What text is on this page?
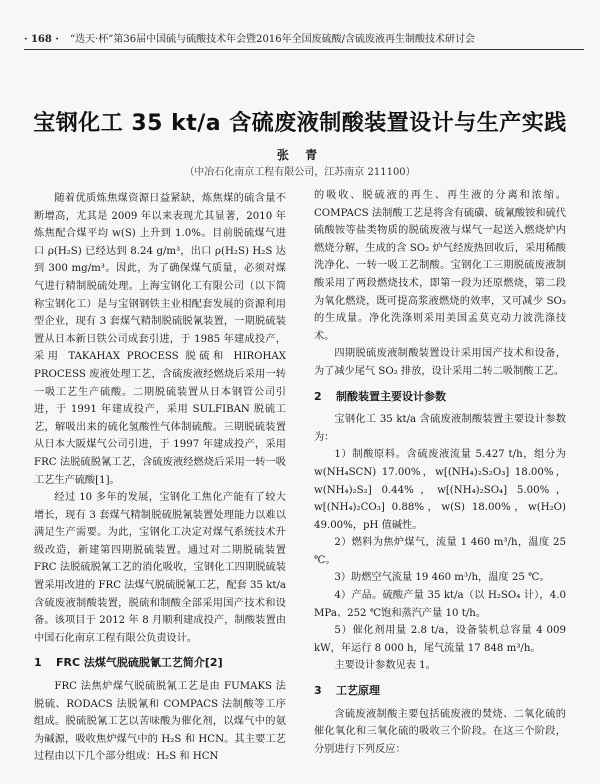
· 168 · “迭天·杯”第36届中国硫与硫酸技术年会暨2016年全国废硫酸/含硫废液再生制酸技术研讨会
宝钢化工 35 kt/a 含硫废液制酸装置设计与生产实践
张 青
（中冶石化南京工程有限公司，江苏南京 211100）

随着优质炼焦煤资源日益紧缺，炼焦煤的硫含量不断增高，尤其是 2009 年以来表现尤其显著，2010 年炼焦配合煤平均 w(S) 上升到 1.0%。目前脱硫煤气进口 ρ(H₂S) 已经达到 8.24 g/m³，出口 ρ(H₂S) H₂S 达到 300 mg/m³。因此，为了确保煤气质量，必须对煤气进行精制脱硫处理。上海宝钢化工有限公司（以下简称宝钢化工）是与宝钢钢铁主业相配套发展的资源利用型企业，现有 3 套煤气精制脱硫脱氰装置，一期脱硫装置从日本新日铁公司成套引进，于 1985 年建成投产，采用 TAKAHAX PROCESS 脱硫和 HIROHAX PROCESS 废液处理工艺，含硫废液经燃烧后采用一转一吸工艺生产硫酸。二期脱硫装置从日本钢管公司引进，于 1991 年建成投产，采用 SULFIBAN 脱硫工艺，解吸出来的硫化氢酸性气体制硫酸。三期脱硫装置从日本大阪煤气公司引进，于 1997 年建成投产，采用 FRC 法脱硫脱氰工艺，含硫废液经燃烧后采用一转一吸工艺生产硫酸[1]。

经过 10 多年的发展，宝钢化工焦化产能有了较大增长，现有 3 套煤气精制脱硫脱氰装置处理能力以难以满足生产需要。为此，宝钢化工决定对煤气系统技术升级改造，新建第四期脱硫装置。通过对二期脱硫装置 FRC 法脱硫脱氰工艺的消化吸收，宝钢化工四期脱硫装置采用改进的 FRC 法煤气脱硫脱氰工艺，配套 35 kt/a 含硫废液制酸装置，脱硫和制酸全部采用国产技术和设备。该项目于 2012 年 8 月顺利建成投产，制酸装置由中国石化南京工程有限公负责设计。

1 FRC 法煤气脱硫脱氰工艺简介[2]

FRC 法焦炉煤气脱硫脱氰工艺是由 FUMAKS 法脱硫、RODACS 法脱氰和 COMPACS 法制酸等工序组成。脱硫脱氰工艺以苦味酸为催化剂，以煤气中的氨为碱源，吸收焦炉煤气中的 H₂S 和 HCN。其主要工艺过程由以下几个部分组成：H₂S 和 HCN

的吸收、脱硫液的再生、再生液的分离和浓缩。COMPACS 法制酸工艺是将含有硫磺、硫氰酸铵和硫代硫酸铵等盐类物质的脱硫废液与煤气一起送入燃烧炉内燃烧分解，生成的含 SO₂ 炉气经废热回收后，采用稀酸洗净化、一转一吸工艺制酸。宝钢化工三期脱硫废液制酸采用了两段燃烧技术，即第一段为还原燃烧，第二段为氧化燃烧，既可提高浆液燃烧的效率，又可减少 SO₃ 的生成量。净化洗涤则采用美国孟莫克动力波洗涤技术。

四期脱硫废液制酸装置设计采用国产技术和设备，为了减少尾气 SO₂ 排放，设计采用二转二吸制酸工艺。

2 制酸装置主要设计参数

宝钢化工 35 kt/a 含硫废液制酸装置主要设计参数为：

1）制酸原料。含硫废液流量 5.427 t/h，组分为 w(NH₄SCN) 17.00%，w[(NH₄)₂S₂O₃] 18.00%，w(NH₄)₂S₂] 0.44%，w[(NH₄)₂SO₄] 5.00%，w[(NH₄)₂CO₃] 0.88%，w(S) 18.00%，w(H₂O) 49.00%，pH 值碱性。

2）燃料为焦炉煤气，流量 1 460 m³/h，温度 25 ℃。

3）助燃空气流量 19 460 m³/h，温度 25 ℃。

4）产品。硫酸产量 35 kt/a（以 H₂SO₄ 计），4.0 MPa、252 ℃饱和蒸汽产量 10 t/h。

5）催化剂用量 2.8 t/a，设备装机总容量 4 009 kW，年运行 8 000 h，尾气流量 17 848 m³/h。

主要设计参数见表 1。

3 工艺原理

含硫废液制酸主要包括硫废液的焚烧、二氧化硫的催化氧化和三氧化硫的吸收三个阶段。在这三个阶段，分别进行下列反应：
